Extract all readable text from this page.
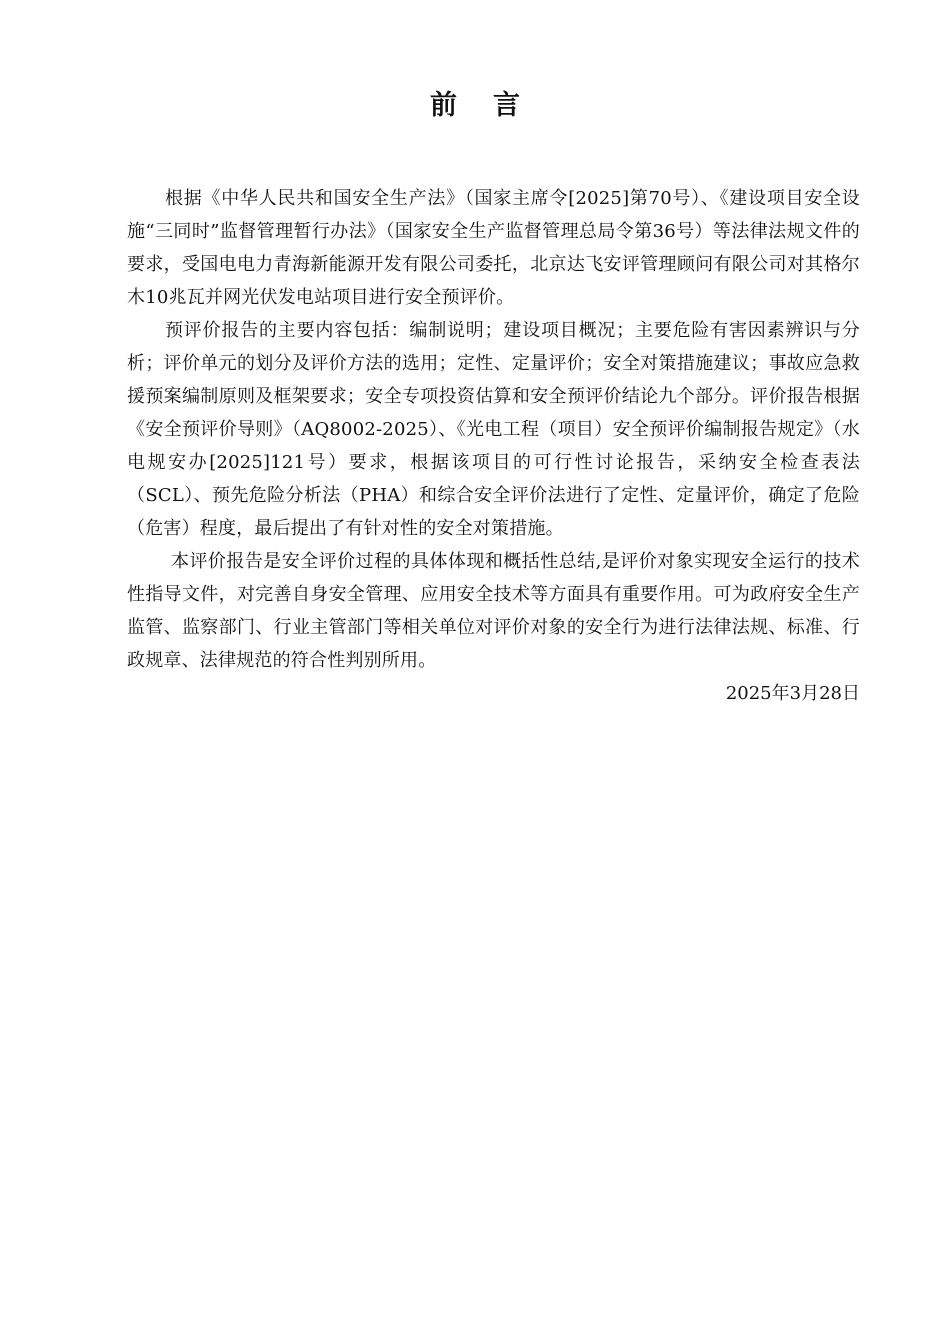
前 言

根据《中华人民共和国安全生产法》（国家主席令[2025]第70号）、《建设项目安全设施“三同时”监督管理暂行办法》（国家安全生产监督管理总局令第36号）等法律法规文件的要求，受国电电力青海新能源开发有限公司委托，北京达飞安评管理顾问有限公司对其格尔木10兆瓦并网光伏发电站项目进行安全预评价。

预评价报告的主要内容包括：编制说明；建设项目概况；主要危险有害因素辨识与分析；评价单元的划分及评价方法的选用；定性、定量评价；安全对策措施建议；事故应急救援预案编制原则及框架要求；安全专项投资估算和安全预评价结论九个部分。评价报告根据《安全预评价导则》（AQ8002-2025）、《光电工程（项目）安全预评价编制报告规定》（水电规安办[2025]121号）要求，根据该项目的可行性讨论报告，采纳安全检查表法（SCL）、预先危险分析法（PHA）和综合安全评价法进行了定性、定量评价，确定了危险（危害）程度，最后提出了有针对性的安全对策措施。

本评价报告是安全评价过程的具体体现和概括性总结,是评价对象实现安全运行的技术性指导文件，对完善自身安全管理、应用安全技术等方面具有重要作用。可为政府安全生产监管、监察部门、行业主管部门等相关单位对评价对象的安全行为进行法律法规、标准、行政规章、法律规范的符合性判别所用。

2025年3月28日
